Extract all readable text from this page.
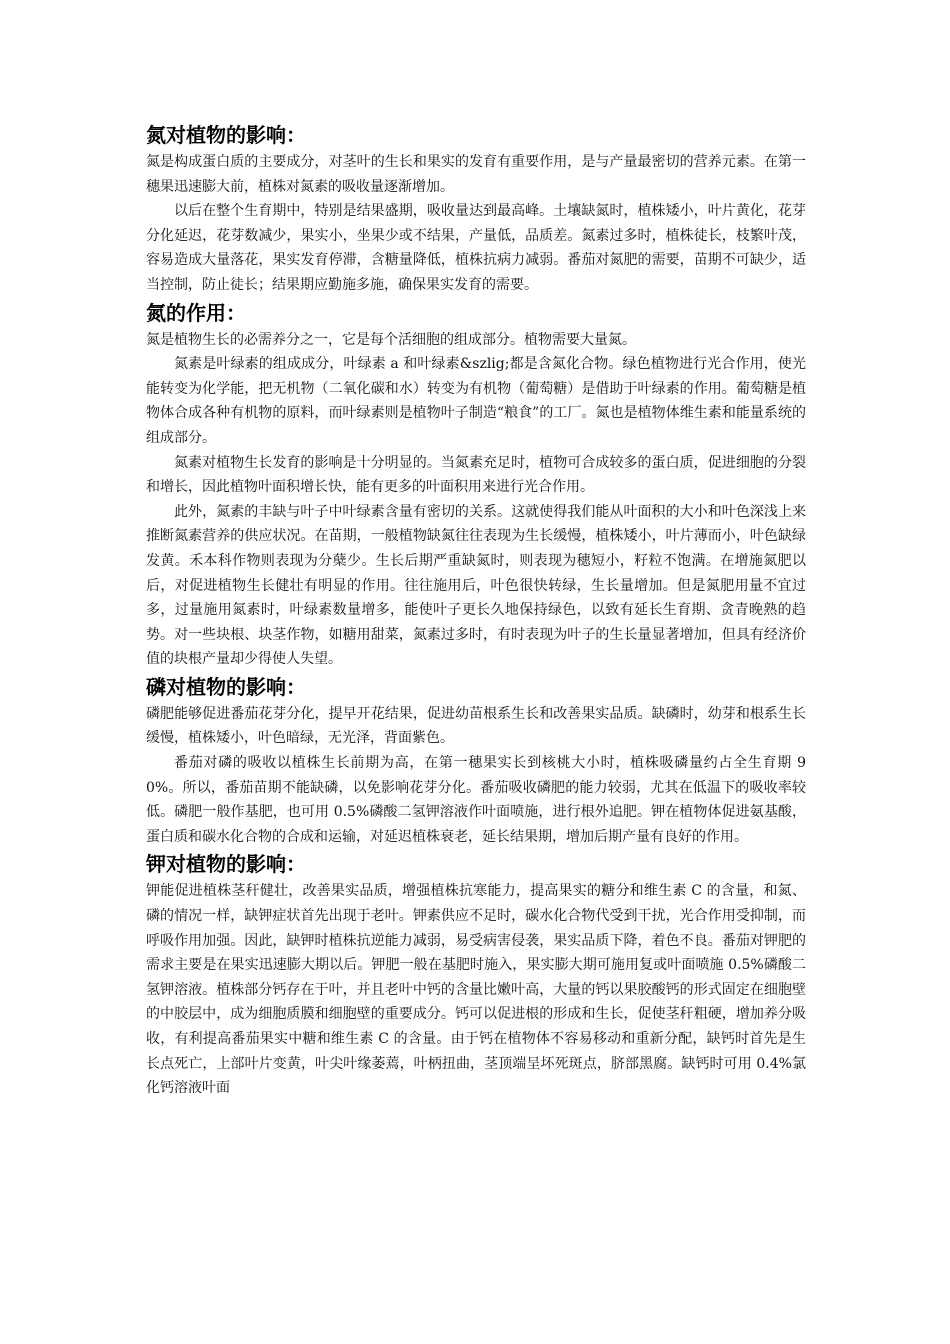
氮对植物的影响：

氮是构成蛋白质的主要成分，对茎叶的生长和果实的发育有重要作用，是与产量最密切的营养元素。在第一穗果迅速膨大前，植株对氮素的吸收量逐渐增加。

以后在整个生育期中，特别是结果盛期，吸收量达到最高峰。土壤缺氮时，植株矮小，叶片黄化，花芽分化延迟，花芽数减少，果实小，坐果少或不结果，产量低，品质差。氮素过多时，植株徒长，枝繁叶茂，容易造成大量落花，果实发育停滞，含糖量降低，植株抗病力减弱。番茄对氮肥的需要，苗期不可缺少，适当控制，防止徒长；结果期应勤施多施，确保果实发育的需要。

氮的作用：

氮是植物生长的必需养分之一，它是每个活细胞的组成部分。植物需要大量氮。

氮素是叶绿素的组成成分，叶绿素 a 和叶绿素&szlig;都是含氮化合物。绿色植物进行光合作用，使光能转变为化学能，把无机物（二氧化碳和水）转变为有机物（葡萄糖）是借助于叶绿素的作用。葡萄糖是植物体合成各种有机物的原料，而叶绿素则是植物叶子制造“粮食”的工厂。氮也是植物体维生素和能量系统的组成部分。

氮素对植物生长发育的影响是十分明显的。当氮素充足时，植物可合成较多的蛋白质，促进细胞的分裂和增长，因此植物叶面积增长快，能有更多的叶面积用来进行光合作用。

此外，氮素的丰缺与叶子中叶绿素含量有密切的关系。这就使得我们能从叶面积的大小和叶色深浅上来推断氮素营养的供应状况。在苗期，一般植物缺氮往往表现为生长缓慢，植株矮小，叶片薄而小，叶色缺绿发黄。禾本科作物则表现为分蘖少。生长后期严重缺氮时，则表现为穗短小，籽粒不饱满。在增施氮肥以后，对促进植物生长健壮有明显的作用。往往施用后，叶色很快转绿，生长量增加。但是氮肥用量不宜过多，过量施用氮素时，叶绿素数量增多，能使叶子更长久地保持绿色，以致有延长生育期、贪青晚熟的趋势。对一些块根、块茎作物，如糖用甜菜，氮素过多时，有时表现为叶子的生长量显著增加，但具有经济价值的块根产量却少得使人失望。

磷对植物的影响：

磷肥能够促进番茄花芽分化，提早开花结果，促进幼苗根系生长和改善果实品质。缺磷时，幼芽和根系生长缓慢，植株矮小，叶色暗绿，无光泽，背面紫色。

番茄对磷的吸收以植株生长前期为高，在第一穗果实长到核桃大小时，植株吸磷量约占全生育期 90%。所以，番茄苗期不能缺磷，以免影响花芽分化。番茄吸收磷肥的能力较弱，尤其在低温下的吸收率较低。磷肥一般作基肥，也可用 0.5%磷酸二氢钾溶液作叶面喷施，进行根外追肥。钾在植物体促进氨基酸，蛋白质和碳水化合物的合成和运输，对延迟植株衰老，延长结果期，增加后期产量有良好的作用。

钾对植物的影响：

钾能促进植株茎秆健壮，改善果实品质，增强植株抗寒能力，提高果实的糖分和维生素 C 的含量，和氮、磷的情况一样，缺钾症状首先出现于老叶。钾素供应不足时，碳水化合物代受到干扰，光合作用受抑制，而呼吸作用加强。因此，缺钾时植株抗逆能力减弱，易受病害侵袭，果实品质下降，着色不良。番茄对钾肥的需求主要是在果实迅速膨大期以后。钾肥一般在基肥时施入，果实膨大期可施用复或叶面喷施 0.5%磷酸二氢钾溶液。植株部分钙存在于叶，并且老叶中钙的含量比嫩叶高，大量的钙以果胶酸钙的形式固定在细胞壁的中胶层中，成为细胞质膜和细胞壁的重要成分。钙可以促进根的形成和生长，促使茎秆粗硬，增加养分吸收，有利提高番茄果实中糖和维生素 C 的含量。由于钙在植物体不容易移动和重新分配，缺钙时首先是生长点死亡，上部叶片变黄，叶尖叶缘萎蔫，叶柄扭曲，茎顶端呈坏死斑点，脐部黑腐。缺钙时可用 0.4%氯化钙溶液叶面
